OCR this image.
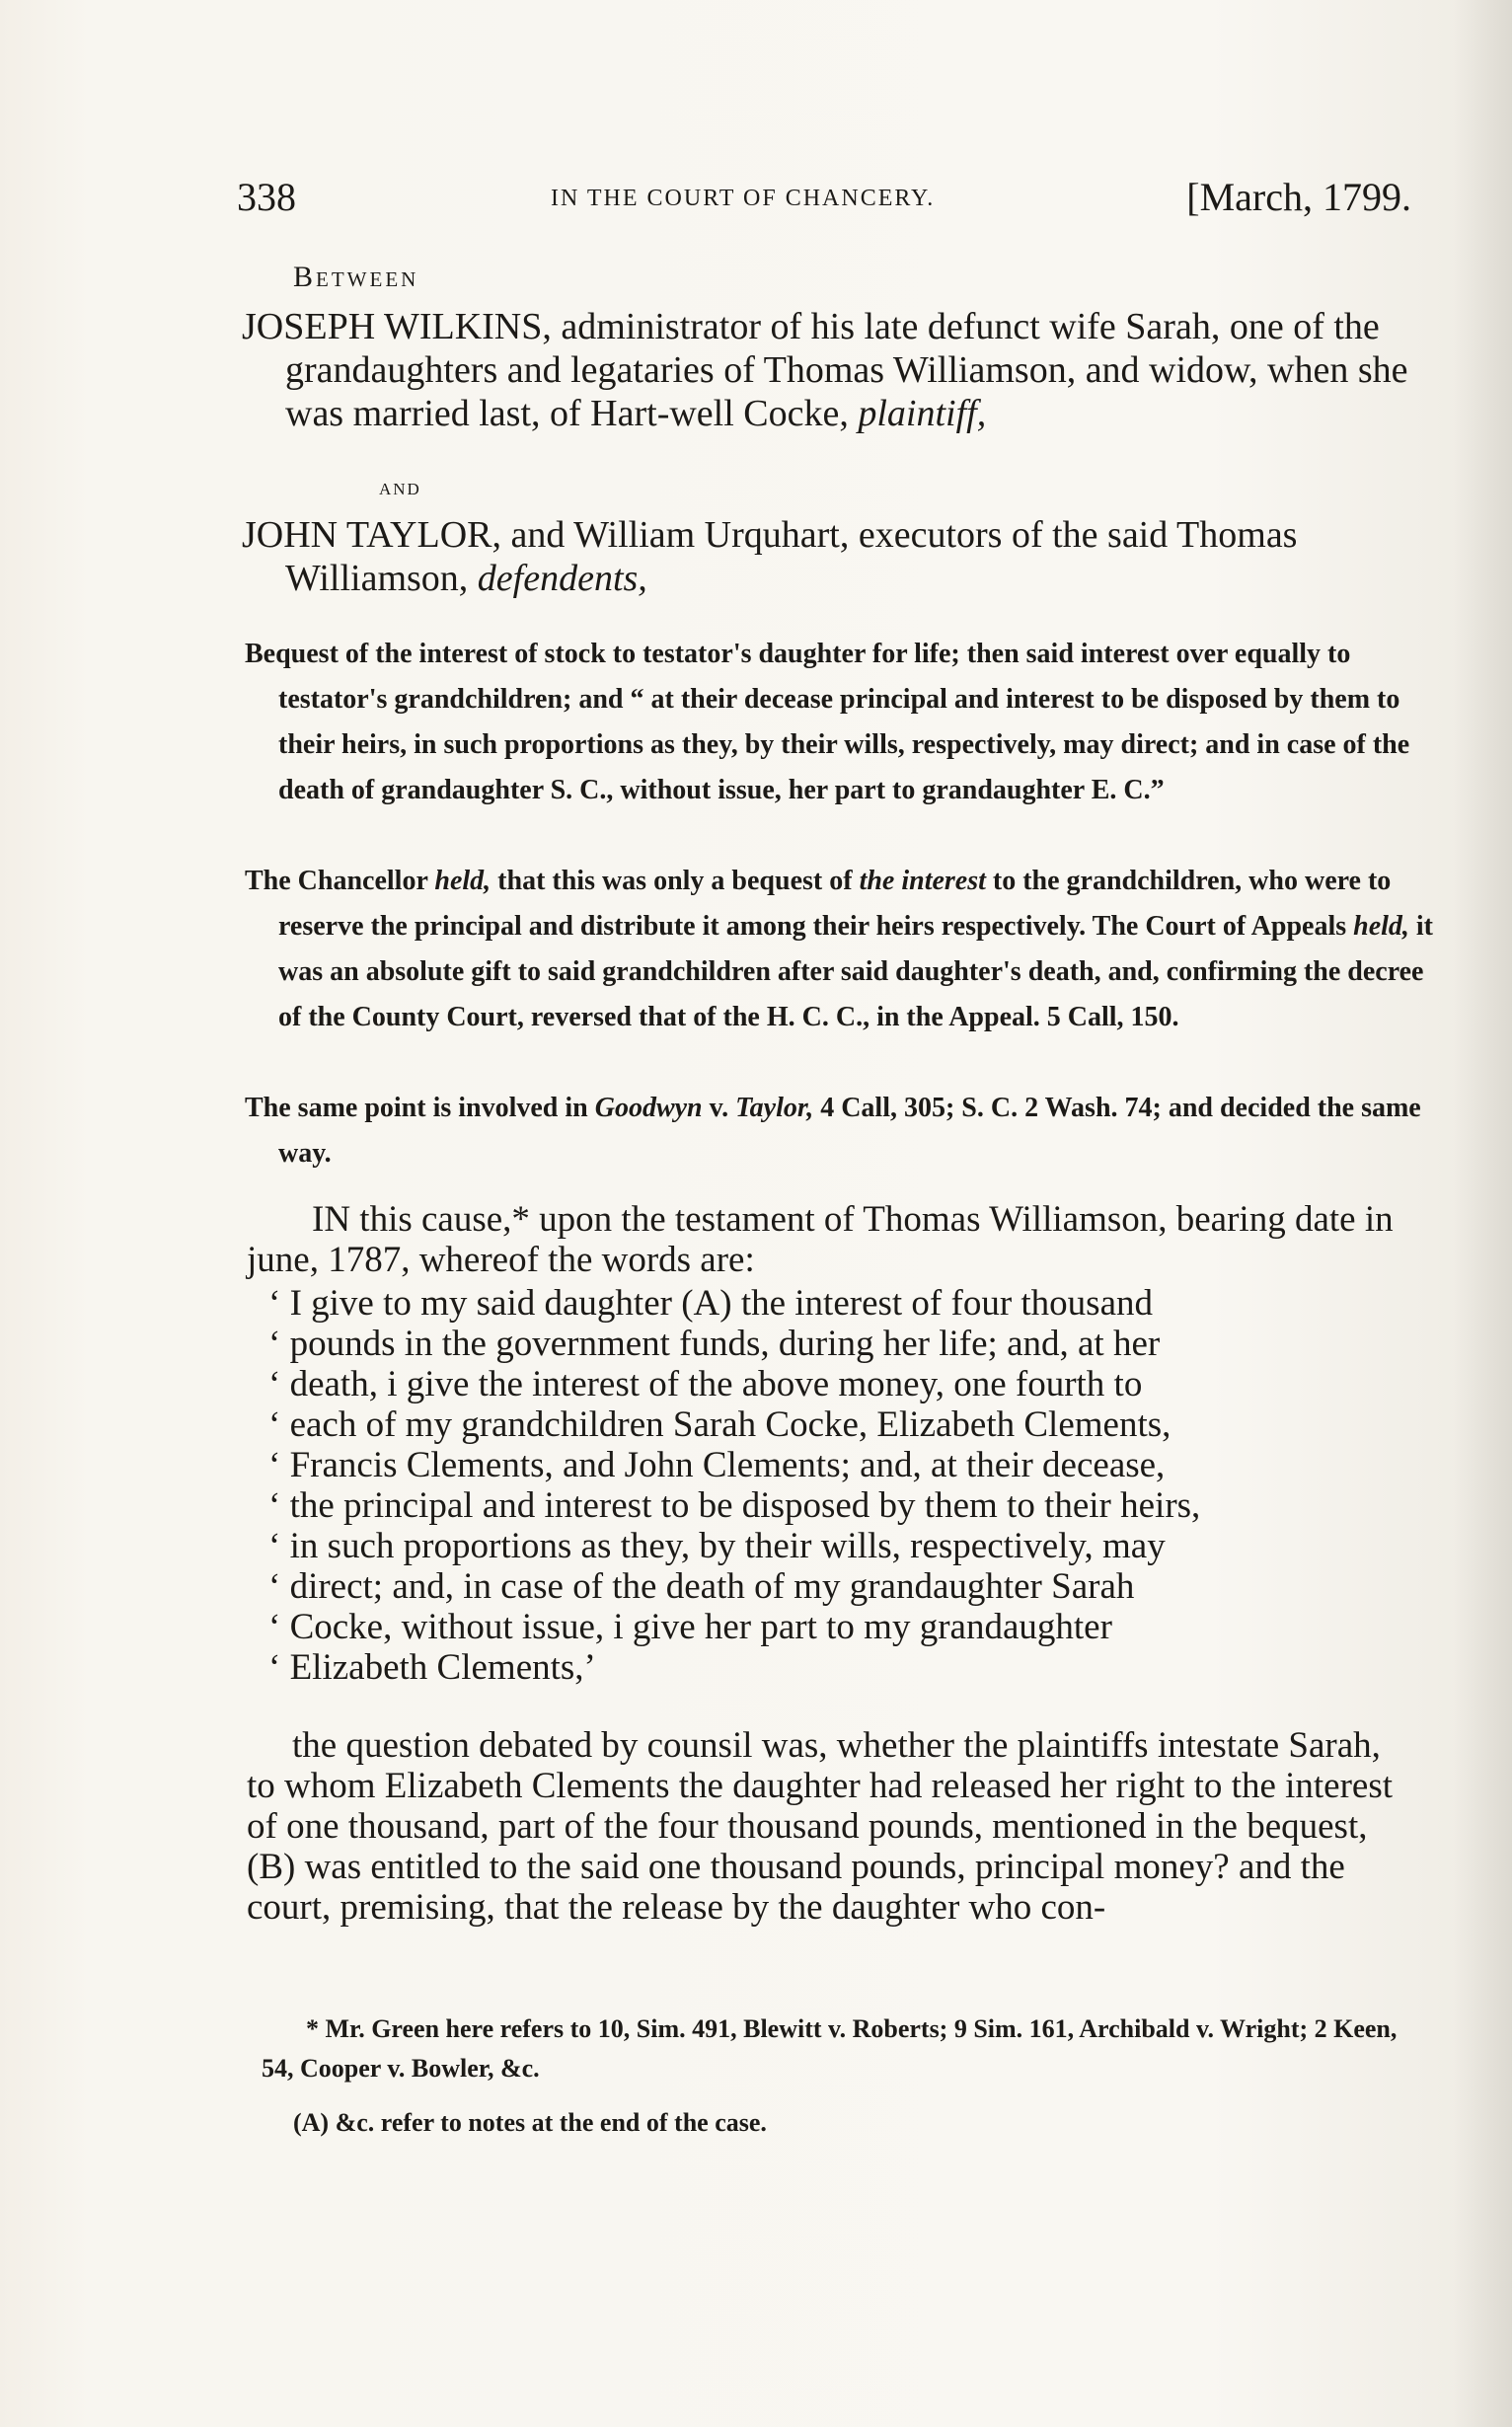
338	IN THE COURT OF CHANCERY.	[March, 1799.

Between

JOSEPH WILKINS, administrator of his late defunct wife Sarah, one of the grandaughters and legataries of Thomas Williamson, and widow, when she was married last, of Hart-well Cocke, plaintiff,

and

JOHN TAYLOR, and William Urquhart, executors of the said Thomas Williamson, defendents,

Bequest of the interest of stock to testator's daughter for life; then said interest over equally to testator's grandchildren; and “ at their decease principal and interest to be disposed by them to their heirs, in such proportions as they, by their wills, respectively, may direct; and in case of the death of grandaughter S. C., without issue, her part to grandaughter E. C.”

The Chancellor held, that this was only a bequest of the interest to the grandchildren, who were to reserve the principal and distribute it among their heirs respectively. The Court of Appeals held, it was an absolute gift to said grandchildren after said daughter's death, and, confirming the decree of the County Court, reversed that of the H. C. C., in the Appeal. 5 Call, 150.

The same point is involved in Goodwyn v. Taylor, 4 Call, 305; S. C. 2 Wash. 74; and decided the same way.

IN this cause,* upon the testament of Thomas Williamson, bearing date in june, 1787, whereof the words are:

‘ I give to my said daughter (A) the interest of four thousand
‘ pounds in the government funds, during her life; and, at her
‘ death, i give the interest of the above money, one fourth to
‘ each of my grandchildren Sarah Cocke, Elizabeth Clements,
‘ Francis Clements, and John Clements; and, at their decease,
‘ the principal and interest to be disposed by them to their heirs,
‘ in such proportions as they, by their wills, respectively, may
‘ direct; and, in case of the death of my grandaughter Sarah
‘ Cocke, without issue, i give her part to my grandaughter
‘ Elizabeth Clements,’

the question debated by counsil was, whether the plaintiffs intestate Sarah, to whom Elizabeth Clements the daughter had released her right to the interest of one thousand, part of the four thousand pounds, mentioned in the bequest, (B) was entitled to the said one thousand pounds, principal money? and the court, premising, that the release by the daughter who con-

* Mr. Green here refers to 10, Sim. 491, Blewitt v. Roberts; 9 Sim. 161, Archibald v. Wright; 2 Keen, 54, Cooper v. Bowler, &c.

(A) &c. refer to notes at the end of the case.
